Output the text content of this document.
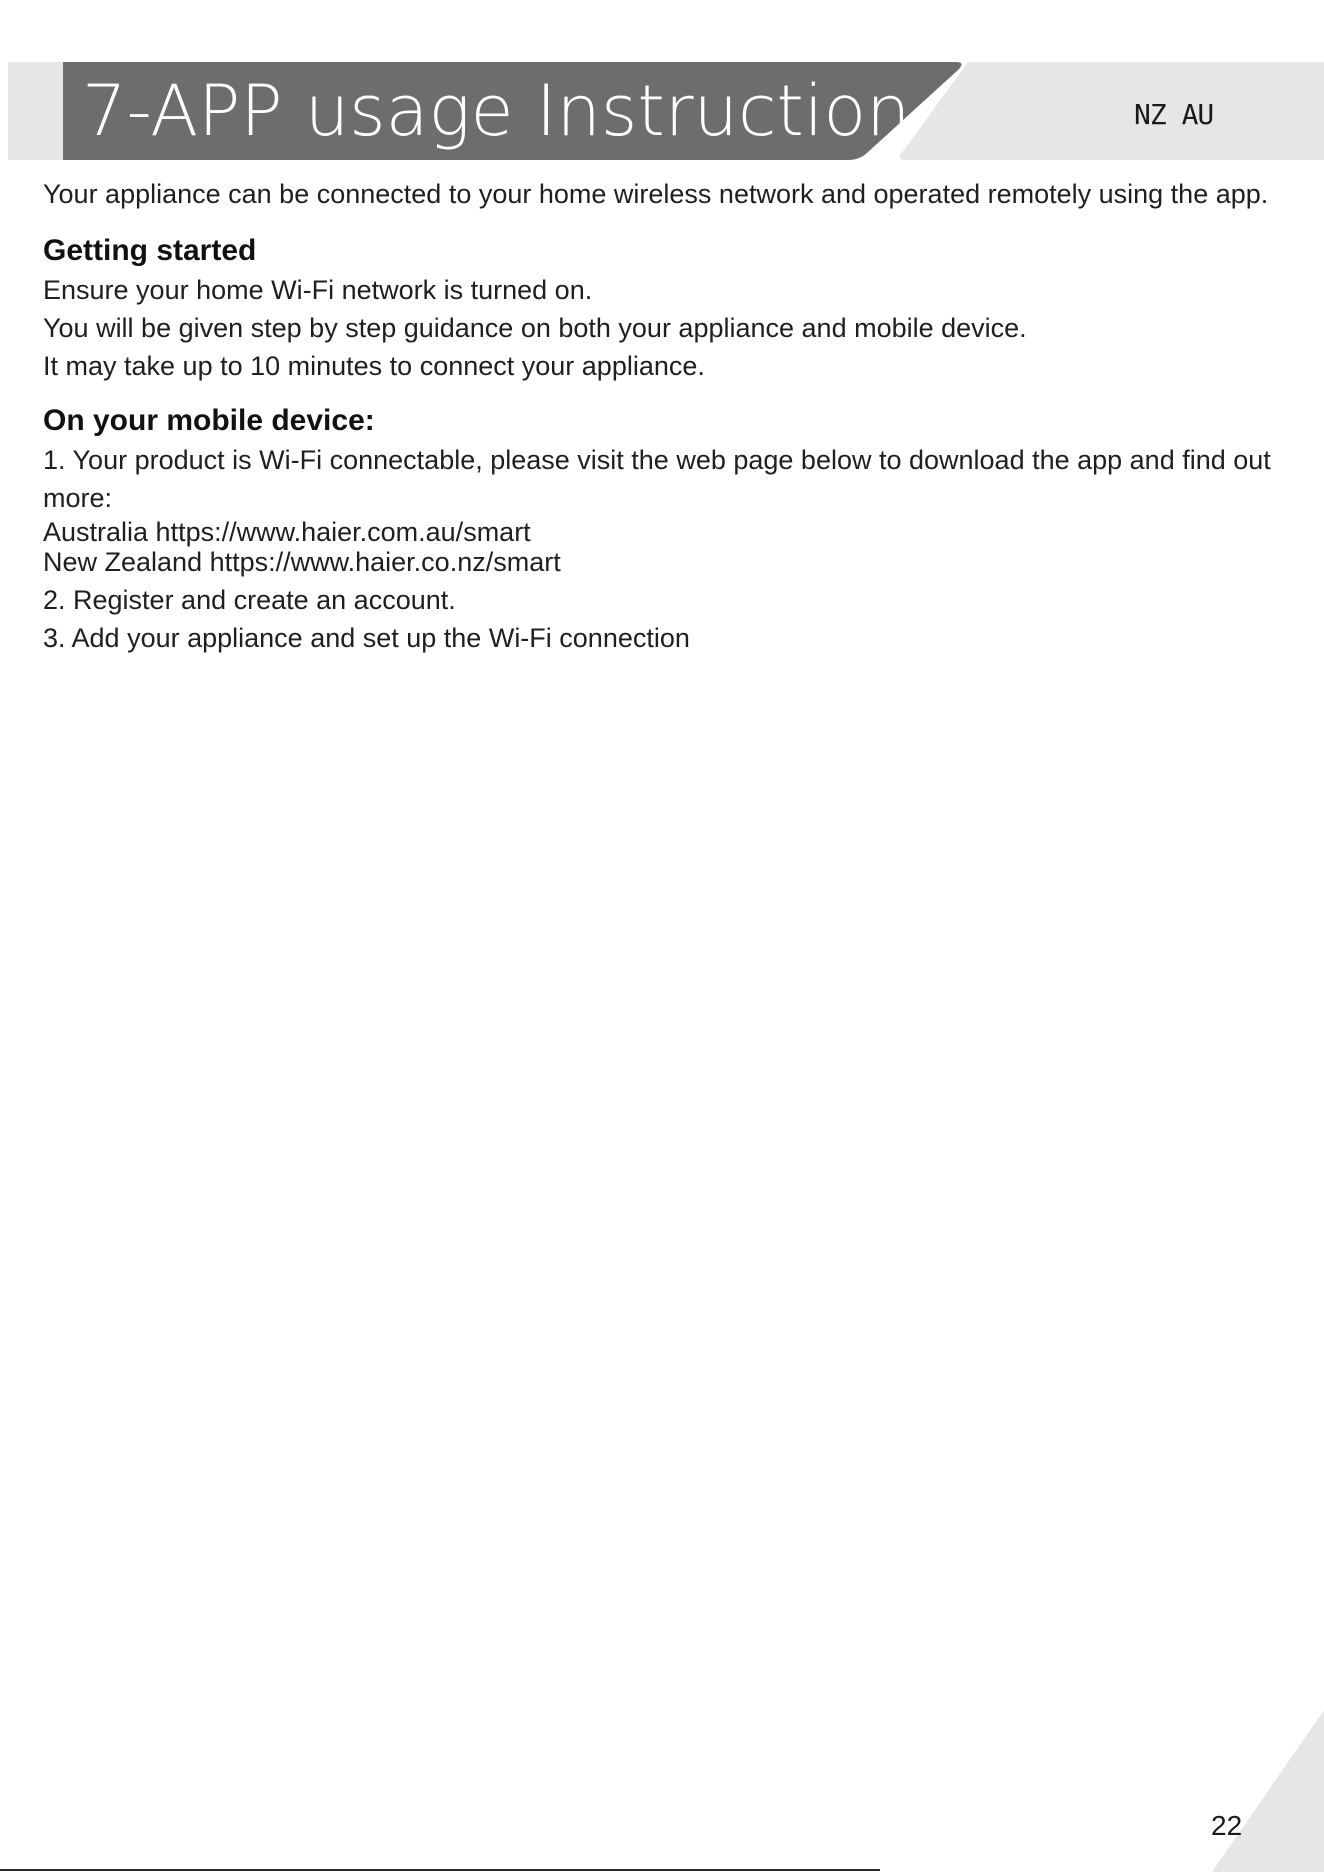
7-APP usage Instruction	NZ AU

Your appliance can be connected to your home wireless network and operated remotely using the app.

Getting started

Ensure your home Wi-Fi network is turned on.

You will be given step by step guidance on both your appliance and mobile device.

It may take up to 10 minutes to connect your appliance.

On your mobile device:

1. Your product is Wi-Fi connectable, please visit the web page below to download the app and find out more:

Australia https://www.haier.com.au/smart

New Zealand https://www.haier.co.nz/smart

2. Register and create an account.

3. Add your appliance and set up the Wi-Fi connection

22
